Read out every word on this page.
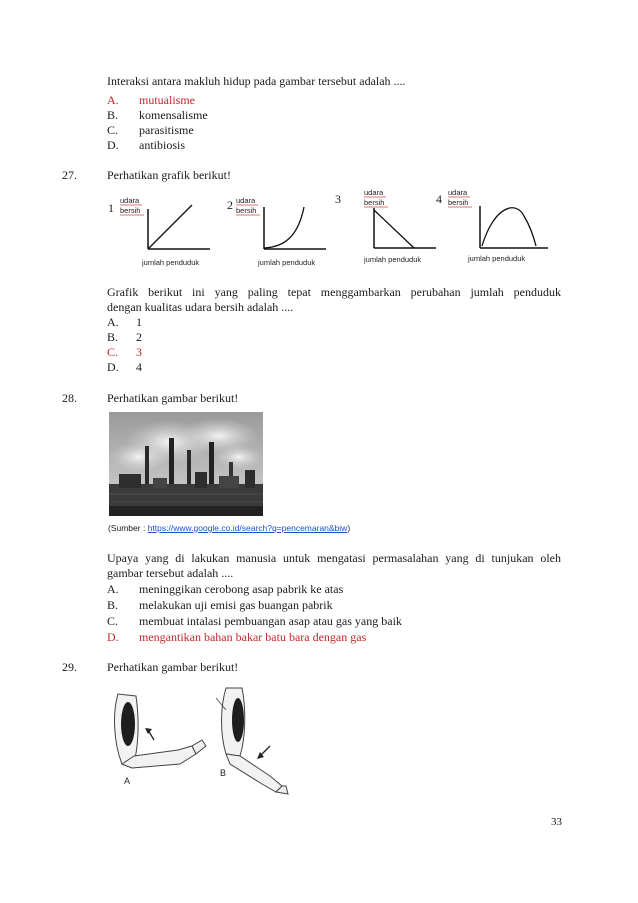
Interaksi antara makluh hidup pada gambar tersebut adalah ....
A.	mutualisme
B.	komensalisme
C.	parasitisme
D.	antibiosis
27.	Perhatikan grafik berikut!
1	2	3	4
udara
bersih
jumlah penduduk
udara
bersih
jumlah penduduk
udara
bersih
jumlah penduduk
udara
bersih
jumlah penduduk
Grafik berikut ini yang paling tepat menggambarkan perubahan jumlah penduduk
dengan kualitas udara bersih adalah ....
A.	1
B.	2
C.	3
D.	4
28.	Perhatikan gambar berikut!
(Sumber : https://www.google.co.id/search?q=pencemaran&biw)
Upaya yang di lakukan manusia untuk mengatasi permasalahan yang di tunjukan oleh
gambar tersebut adalah ....
A.	meninggikan cerobong asap pabrik ke atas
B.	melakukan uji emisi gas buangan pabrik
C.	membuat intalasi pembuangan asap atau gas yang baik
D.	mengantikan bahan bakar batu bara dengan gas
29.	Perhatikan gambar berikut!
A
B
33
